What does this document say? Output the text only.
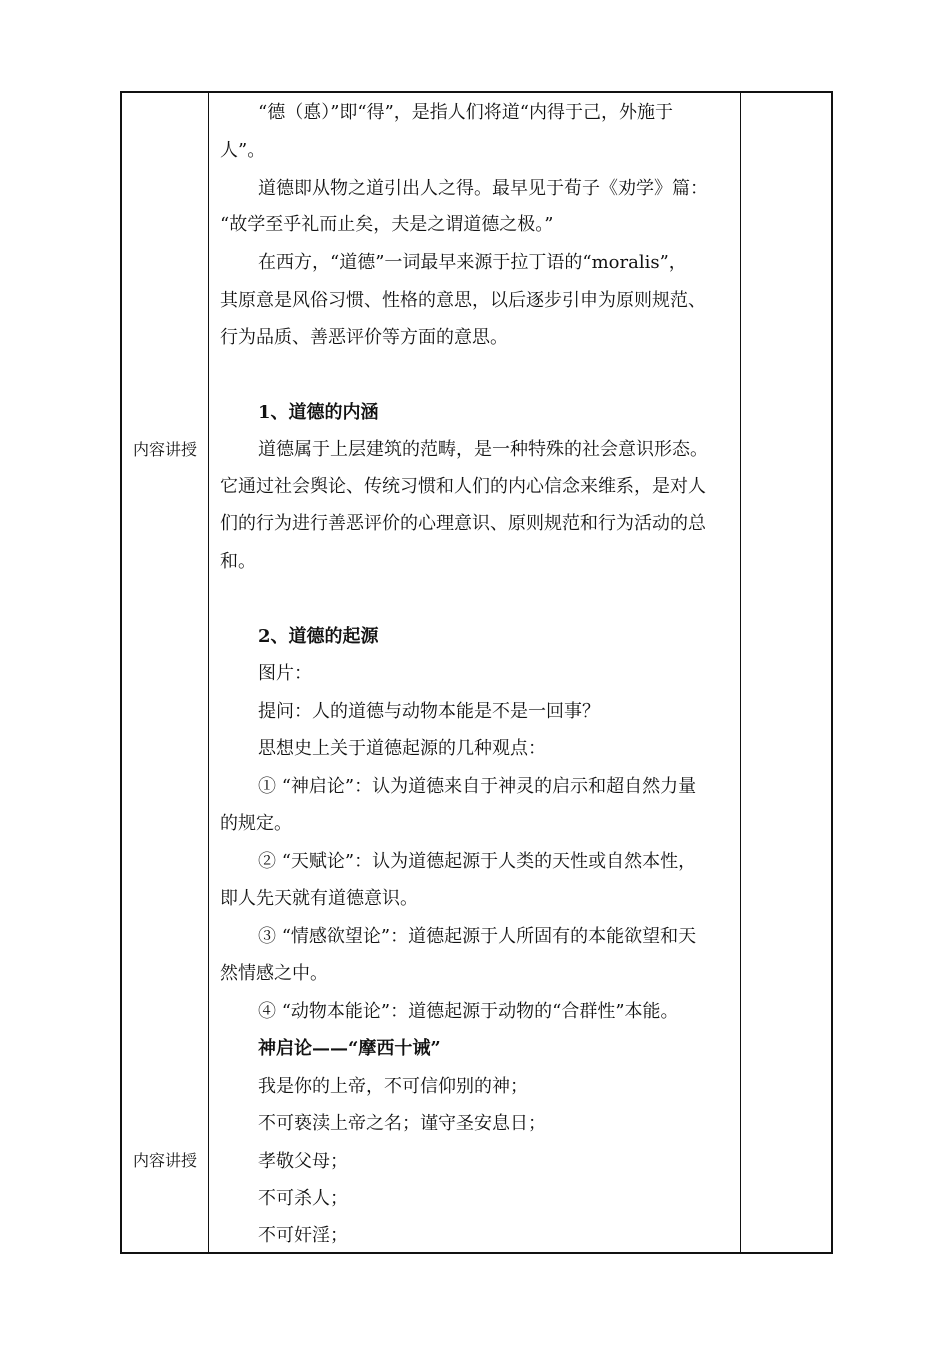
内容讲授
内容讲授
“德（悳）”即“得”，是指人们将道“内得于己，外施于
人”。
道德即从物之道引出人之得。最早见于荀子《劝学》篇：
“故学至乎礼而止矣，夫是之谓道德之极。”
在西方，“道德”一词最早来源于拉丁语的“moralis”，
其原意是风俗习惯、性格的意思，以后逐步引申为原则规范、
行为品质、善恶评价等方面的意思。
1、道德的内涵
道德属于上层建筑的范畴，是一种特殊的社会意识形态。
它通过社会舆论、传统习惯和人们的内心信念来维系，是对人
们的行为进行善恶评价的心理意识、原则规范和行为活动的总
和。
2、道德的起源
图片：
提问：人的道德与动物本能是不是一回事？
思想史上关于道德起源的几种观点：
① “神启论”：认为道德来自于神灵的启示和超自然力量
的规定。
② “天赋论”：认为道德起源于人类的天性或自然本性，
即人先天就有道德意识。
③ “情感欲望论”：道德起源于人所固有的本能欲望和天
然情感之中。
④ “动物本能论”：道德起源于动物的“合群性”本能。
神启论——“摩西十诫”
我是你的上帝，不可信仰别的神；
不可亵渎上帝之名；谨守圣安息日；
孝敬父母；
不可杀人；
不可奸淫；
